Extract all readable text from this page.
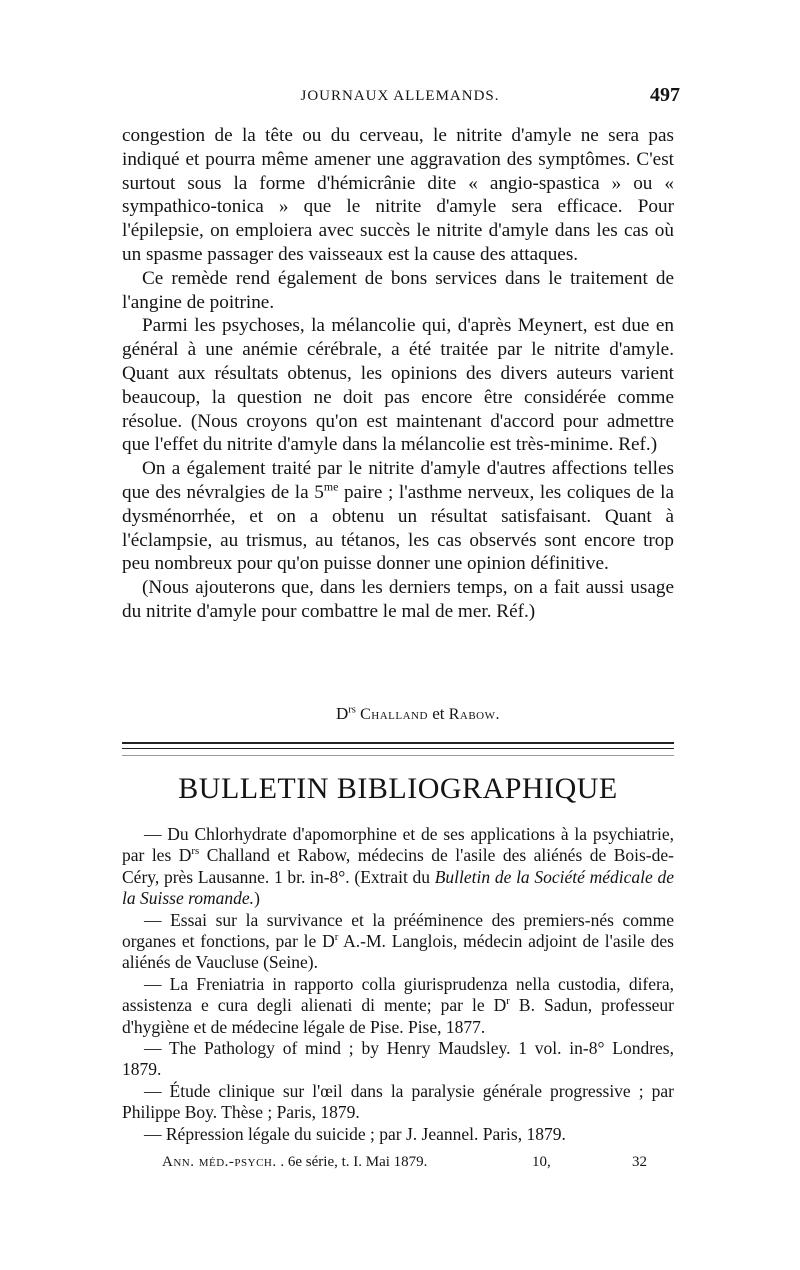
JOURNAUX ALLEMANDS.	497

congestion de la tête ou du cerveau, le nitrite d'amyle ne sera pas indiqué et pourra même amener une aggravation des symptômes. C'est surtout sous la forme d'hémicrânie dite « angio-spastica » ou « sympathico-tonica » que le nitrite d'amyle sera efficace. Pour l'épilepsie, on emploiera avec succès le nitrite d'amyle dans les cas où un spasme passager des vaisseaux est la cause des attaques.

Ce remède rend également de bons services dans le traitement de l'angine de poitrine.

Parmi les psychoses, la mélancolie qui, d'après Meynert, est due en général à une anémie cérébrale, a été traitée par le nitrite d'amyle. Quant aux résultats obtenus, les opinions des divers auteurs varient beaucoup, la question ne doit pas encore être considérée comme résolue. (Nous croyons qu'on est maintenant d'accord pour admettre que l'effet du nitrite d'amyle dans la mélancolie est très-minime. Ref.)

On a également traité par le nitrite d'amyle d'autres affections telles que des névralgies de la $5^{me}$ paire ; l'asthme nerveux, les coliques de la dysménorrhée, et on a obtenu un résultat satisfaisant. Quant à l'éclampsie, au trismus, au tétanos, les cas observés sont encore trop peu nombreux pour qu'on puisse donner une opinion définitive.

(Nous ajouterons que, dans les derniers temps, on a fait aussi usage du nitrite d'amyle pour combattre le mal de mer. Réf.)

$D^{rs}$ Challand et Rabow.
BULLETIN BIBLIOGRAPHIQUE

— Du Chlorhydrate d'apomorphine et de ses applications à la psychiatrie, par les $D^{rs}$ Challand et Rabow, médecins de l'asile des aliénés de Bois-de-Céry, près Lausanne. 1 br. in-8°. (Extrait du Bulletin de la Société médicale de la Suisse romande.)

— Essai sur la survivance et la prééminence des premiers-nés comme organes et fonctions, par le $D^r$ A.-M. Langlois, médecin adjoint de l'asile des aliénés de Vaucluse (Seine).

— La Freniatria in rapporto colla giurisprudenza nella custodia, difera, assistenza e cura degli alienati di mente; par le $D^r$ B. Sadun, professeur d'hygiène et de médecine légale de Pise. Pise, 1877.

— The Pathology of mind ; by Henry Maudsley. 1 vol. in-8° Londres, 1879.

— Étude clinique sur l'œil dans la paralysie générale progressive ; par Philippe Boy. Thèse ; Paris, 1879.

— Répression légale du suicide ; par J. Jeannel. Paris, 1879.

Ann. méd.-psych. . 6e série, t. I. Mai 1879.	10,	32
